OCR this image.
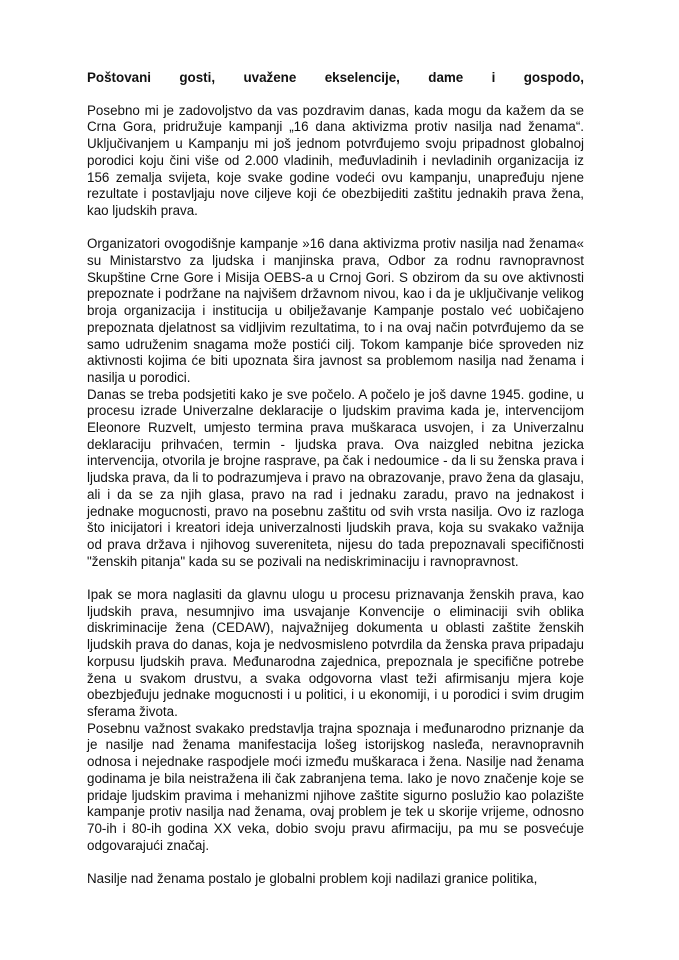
Poštovani gosti, uvažene ekselencije, dame i gospodo,

Posebno mi je zadovoljstvo da vas pozdravim danas, kada mogu da kažem da se Crna Gora, pridružuje kampanji „16 dana aktivizma protiv nasilja nad ženama“. Uključivanjem u Kampanju mi još jednom potvrđujemo svoju pripadnost globalnoj porodici koju čini više od 2.000 vladinih, međuvladinih i nevladinih organizacija iz 156 zemalja svijeta, koje svake godine vodeći ovu kampanju, unapređuju njene rezultate i postavljaju nove ciljeve koji će obezbijediti zaštitu jednakih prava žena, kao ljudskih prava.

Organizatori ovogodišnje kampanje »16 dana aktivizma protiv nasilja nad ženama« su Ministarstvo za ljudska i manjinska prava, Odbor za rodnu ravnopravnost Skupštine Crne Gore i Misija OEBS-a u Crnoj Gori. S obzirom da su ove aktivnosti prepoznate i podržane na najvišem državnom nivou, kao i da je uključivanje velikog broja organizacija i institucija u obilježavanje Kampanje postalo već uobičajeno prepoznata djelatnost sa vidljivim rezultatima, to i na ovaj način potvrđujemo da se samo udruženim snagama može postići cilj. Tokom kampanje biće sproveden niz aktivnosti kojima će biti upoznata šira javnost sa problemom nasilja nad ženama i nasilja u porodici.

Danas se treba podsjetiti kako je sve počelo. A počelo je još davne 1945. godine, u procesu izrade Univerzalne deklaracije o ljudskim pravima kada je, intervencijom Eleonore Ruzvelt, umjesto termina prava muškaraca usvojen, i za Univerzalnu deklaraciju prihvaćen, termin - ljudska prava. Ova naizgled nebitna jezicka intervencija, otvorila je brojne rasprave, pa čak i nedoumice - da li su ženska prava i ljudska prava, da li to podrazumjeva i pravo na obrazovanje, pravo žena da glasaju, ali i da se za njih glasa, pravo na rad i jednaku zaradu, pravo na jednakost i jednake mogucnosti, pravo na posebnu zaštitu od svih vrsta nasilja. Ovo iz razloga što inicijatori i kreatori ideja univerzalnosti ljudskih prava, koja su svakako važnija od prava država i njihovog suvereniteta, nijesu do tada prepoznavali specifičnosti "ženskih pitanja" kada su se pozivali na nediskriminaciju i ravnopravnost.

Ipak se mora naglasiti da glavnu ulogu u procesu priznavanja ženskih prava, kao ljudskih prava, nesumnjivo ima usvajanje Konvencije o eliminaciji svih oblika diskriminacije žena (CEDAW), najvažnijeg dokumenta u oblasti zaštite ženskih ljudskih prava do danas, koja je nedvosmisleno potvrdila da ženska prava pripadaju korpusu ljudskih prava. Međunarodna zajednica, prepoznala je specifične potrebe žena u svakom drustvu, a svaka odgovorna vlast teži afirmisanju mjera koje obezbjeđuju jednake mogucnosti i u politici, i u ekonomiji, i u porodici i svim drugim sferama života.

Posebnu važnost svakako predstavlja trajna spoznaja i međunarodno priznanje da je nasilje nad ženama manifestacija lošeg istorijskog nasleđa, neravnopravnih odnosa i nejednake raspodjele moći između muškaraca i žena. Nasilje nad ženama godinama je bila neistražena ili čak zabranjena tema. Iako je novo značenje koje se pridaje ljudskim pravima i mehanizmi njihove zaštite sigurno poslužio kao polazište kampanje protiv nasilja nad ženama, ovaj problem je tek u skorije vrijeme, odnosno 70-ih i 80-ih godina XX veka, dobio svoju pravu afirmaciju, pa mu se posvećuje odgovarajući značaj.

Nasilje nad ženama postalo je globalni problem koji nadilazi granice politika,
